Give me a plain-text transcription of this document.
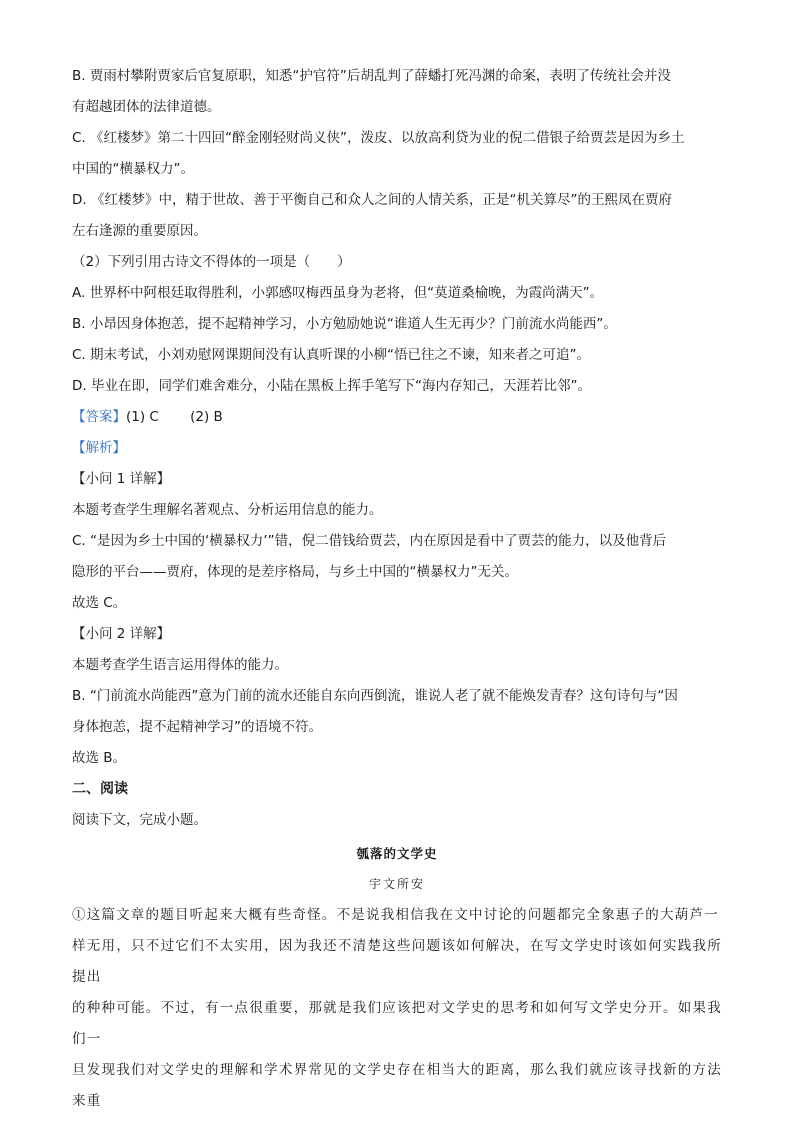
B. 贾雨村攀附贾家后官复原职，知悉“护官符”后胡乱判了薛蟠打死冯渊的命案，表明了传统社会并没

有超越团体的法律道德。

C. 《红楼梦》第二十四回“醉金刚轻财尚义侠”，泼皮、以放高利贷为业的倪二借银子给贾芸是因为乡土

中国的“横暴权力”。

D. 《红楼梦》中，精于世故、善于平衡自己和众人之间的人情关系，正是“机关算尽”的王熙凤在贾府

左右逢源的重要原因。

（2）下列引用古诗文不得体的一项是（　　）

A. 世界杯中阿根廷取得胜利，小郭感叹梅西虽身为老将，但“莫道桑榆晚，为霞尚满天”。

B. 小昂因身体抱恙，提不起精神学习，小方勉励她说“谁道人生无再少？门前流水尚能西”。

C. 期末考试，小刘劝慰网课期间没有认真听课的小柳“悟已往之不谏，知来者之可追”。

D. 毕业在即，同学们难舍难分，小陆在黑板上挥手笔写下“海内存知己，天涯若比邻”。

【答案】(1) C　　 (2) B

【解析】

【小问 1 详解】

本题考查学生理解名著观点、分析运用信息的能力。

C. “是因为乡土中国的‘横暴权力’”错，倪二借钱给贾芸，内在原因是看中了贾芸的能力，以及他背后

隐形的平台——贾府，体现的是差序格局，与乡土中国的“横暴权力”无关。

故选 C。

【小问 2 详解】

本题考查学生语言运用得体的能力。

B. “门前流水尚能西”意为门前的流水还能自东向西倒流，谁说人老了就不能焕发青春？这句诗句与“因

身体抱恙，提不起精神学习”的语境不符。

故选 B。

二、阅读

阅读下文，完成小题。

瓠落的文学史
宇文所安

①这篇文章的题目听起来大概有些奇怪。不是说我相信我在文中讨论的问题都完全象惠子的大葫芦一

样无用，只不过它们不太实用，因为我还不清楚这些问题该如何解决，在写文学史时该如何实践我所提出

的种种可能。不过，有一点很重要，那就是我们应该把对文学史的思考和如何写文学史分开。如果我们一

旦发现我们对文学史的理解和学术界常见的文学史存在相当大的距离，那么我们就应该寻找新的方法来重
